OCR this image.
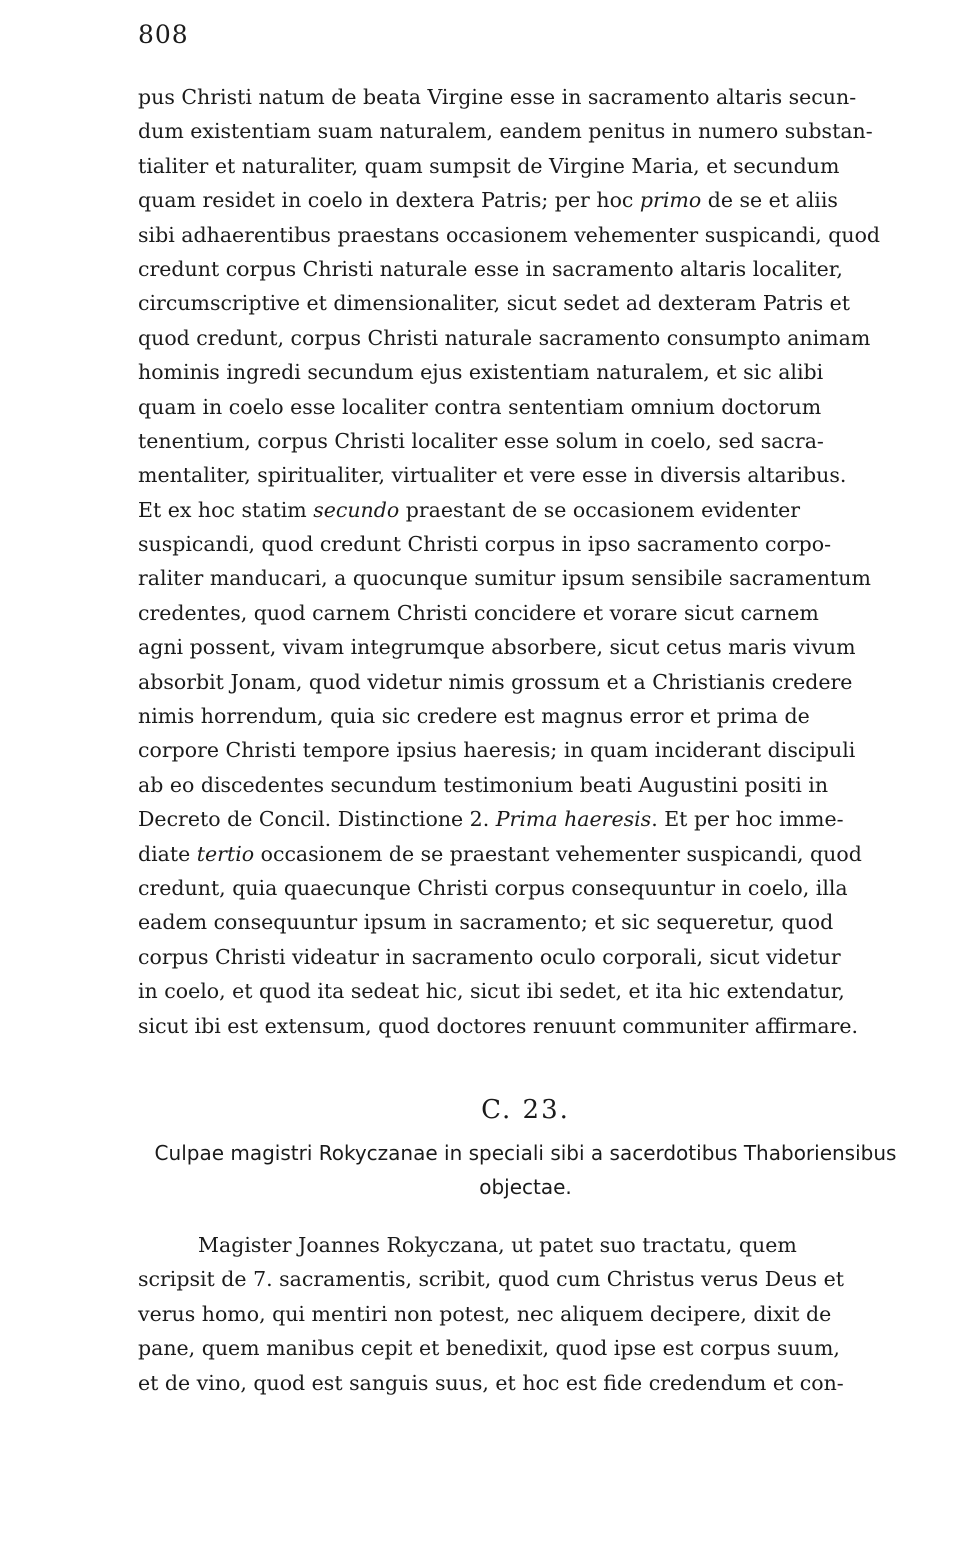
808
pus Christi natum de beata Virgine esse in sacramento altaris secun-
dum existentiam suam naturalem, eandem penitus in numero substan-
tialiter et naturaliter, quam sumpsit de Virgine Maria, et secundum
quam residet in coelo in dextera Patris; per hoc primo de se et aliis
sibi adhaerentibus praestans occasionem vehementer suspicandi, quod
credunt corpus Christi naturale esse in sacramento altaris localiter,
circumscriptive et dimensionaliter, sicut sedet ad dexteram Patris et
quod credunt, corpus Christi naturale sacramento consumpto animam
hominis ingredi secundum ejus existentiam naturalem, et sic alibi
quam in coelo esse localiter contra sententiam omnium doctorum
tenentium, corpus Christi localiter esse solum in coelo, sed sacra-
mentaliter, spiritualiter, virtualiter et vere esse in diversis altaribus.
Et ex hoc statim secundo praestant de se occasionem evidenter
suspicandi, quod credunt Christi corpus in ipso sacramento corpo-
raliter manducari, a quocunque sumitur ipsum sensibile sacramentum
credentes, quod carnem Christi concidere et vorare sicut carnem
agni possent, vivam integrumque absorbere, sicut cetus maris vivum
absorbit Jonam, quod videtur nimis grossum et a Christianis credere
nimis horrendum, quia sic credere est magnus error et prima de
corpore Christi tempore ipsius haeresis; in quam inciderant discipuli
ab eo discedentes secundum testimonium beati Augustini positi in
Decreto de Concil. Distinctione 2. Prima haeresis. Et per hoc imme-
diate tertio occasionem de se praestant vehementer suspicandi, quod
credunt, quia quaecunque Christi corpus consequuntur in coelo, illa
eadem consequuntur ipsum in sacramento; et sic sequeretur, quod
corpus Christi videatur in sacramento oculo corporali, sicut videtur
in coelo, et quod ita sedeat hic, sicut ibi sedet, et ita hic extendatur,
sicut ibi est extensum, quod doctores renuunt communiter affirmare.
C. 23.
Culpae magistri Rokyczanae in speciali sibi a sacerdotibus Thaboriensibus
objectae.
Magister Joannes Rokyczana, ut patet suo tractatu, quem
scripsit de 7. sacramentis, scribit, quod cum Christus verus Deus et
verus homo, qui mentiri non potest, nec aliquem decipere, dixit de
pane, quem manibus cepit et benedixit, quod ipse est corpus suum,
et de vino, quod est sanguis suus, et hoc est fide credendum et con-
